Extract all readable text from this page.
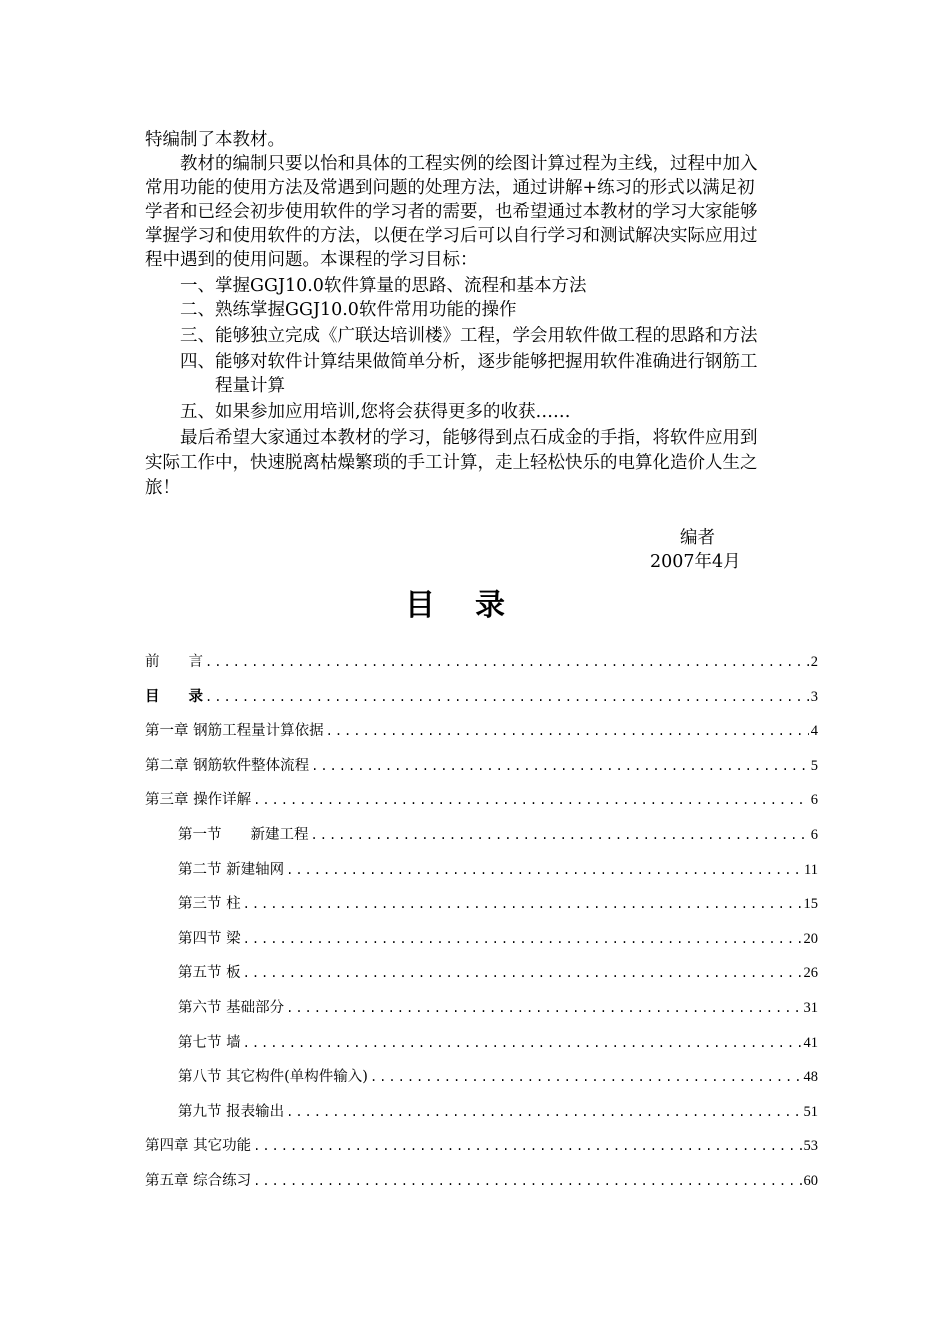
特编制了本教材。
　　教材的编制只要以怡和具体的工程实例的绘图计算过程为主线，过程中加入
常用功能的使用方法及常遇到问题的处理方法，通过讲解+练习的形式以满足初
学者和已经会初步使用软件的学习者的需要，也希望通过本教材的学习大家能够
掌握学习和使用软件的方法，以便在学习后可以自行学习和测试解决实际应用过
程中遇到的使用问题。本课程的学习目标：
　　一、掌握GGJ10.0软件算量的思路、流程和基本方法
　　二、熟练掌握GGJ10.0软件常用功能的操作
　　三、能够独立完成《广联达培训楼》工程，学会用软件做工程的思路和方法
　　四、能够对软件计算结果做简单分析，逐步能够把握用软件准确进行钢筋工
　　　　程量计算
　　五、如果参加应用培训,您将会获得更多的收获……
　　最后希望大家通过本教材的学习，能够得到点石成金的手指，将软件应用到
实际工作中，快速脱离枯燥繁琐的手工计算，走上轻松快乐的电算化造价人生之
旅！
编者
2007年4月
目录
前　　言 .....	2
目　　录 .....	3
第一章 钢筋工程量计算依据 .....	4
第二章 钢筋软件整体流程 .....	5
第三章 操作详解 .....	6
第一节　　新建工程 .....	6
第二节 新建轴网 .....	11
第三节 柱 .....	15
第四节 梁 .....	20
第五节 板 .....	26
第六节 基础部分 .....	31
第七节 墙 .....	41
第八节 其它构件(单构件输入) .....	48
第九节 报表输出 .....	51
第四章 其它功能 .....	53
第五章 综合练习 .....	60
